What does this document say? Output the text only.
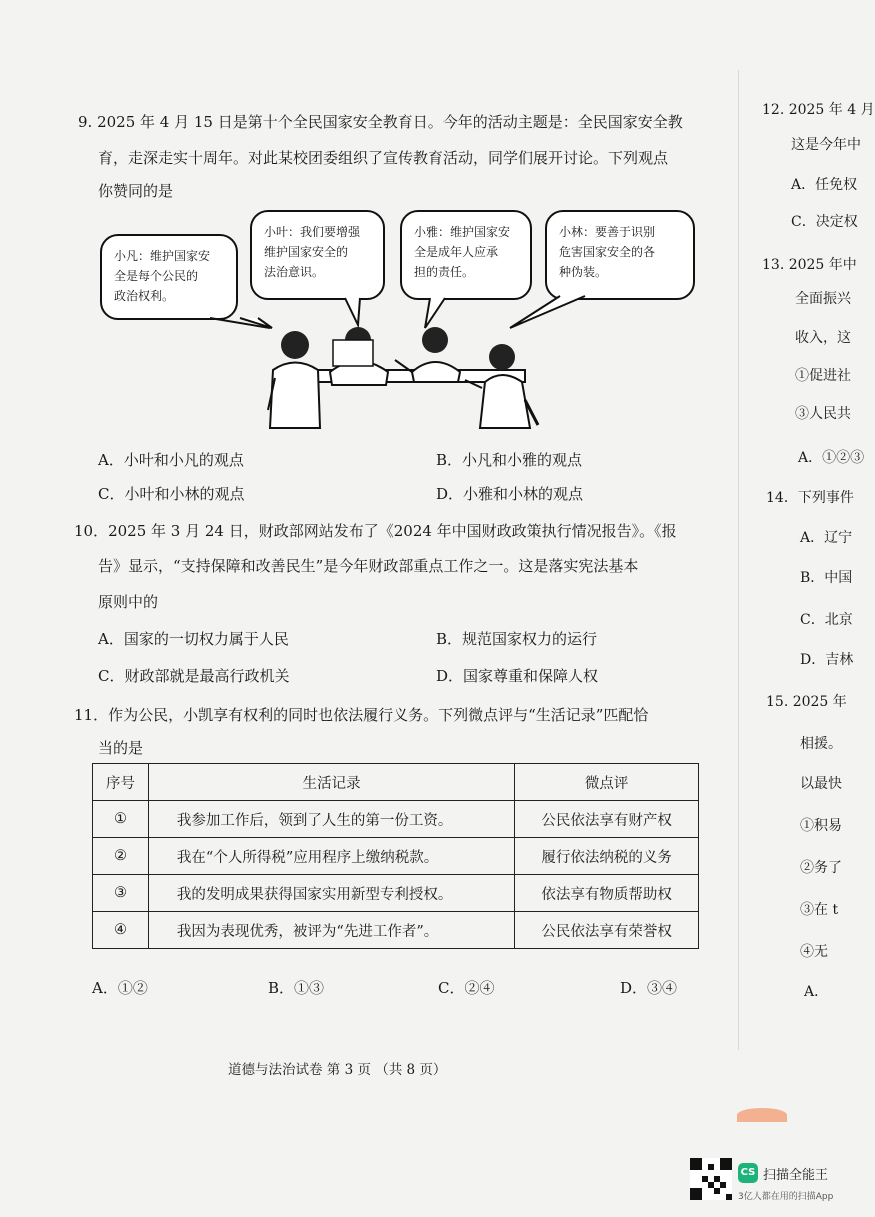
9. 2025 年 4 月 15 日是第十个全民国家安全教育日。今年的活动主题是：全民国家安全教
育，走深走实十周年。对此某校团委组织了宣传教育活动，同学们展开讨论。下列观点
你赞同的是
小凡：维护国家安
全是每个公民的
政治权利。
小叶：我们要增强
维护国家安全的
法治意识。
小雅：维护国家安
全是成年人应承
担的责任。
小林：要善于识别
危害国家安全的各
种伪装。
A．小叶和小凡的观点	B．小凡和小雅的观点
C．小叶和小林的观点	D．小雅和小林的观点
10．2025 年 3 月 24 日，财政部网站发布了《2024 年中国财政政策执行情况报告》。《报
告》显示，“支持保障和改善民生”是今年财政部重点工作之一。这是落实宪法基本
原则中的
A．国家的一切权力属于人民	B．规范国家权力的运行
C．财政部就是最高行政机关	D．国家尊重和保障人权
11．作为公民，小凯享有权利的同时也依法履行义务。下列微点评与“生活记录”匹配恰
当的是
序号	生活记录	微点评
①	我参加工作后，领到了人生的第一份工资。	公民依法享有财产权
②	我在“个人所得税”应用程序上缴纳税款。	履行依法纳税的义务
③	我的发明成果获得国家实用新型专利授权。	依法享有物质帮助权
④	我因为表现优秀，被评为“先进工作者”。	公民依法享有荣誉权
A．①②	B．①③	C．②④	D．③④
道德与法治试卷 第 3 页 （共 8 页）
12. 2025 年 4 月
这是今年中
A．任免权
C．决定权
13. 2025 年中
全面振兴
收入，这
①促进社
③人民共
A．①②③
14．下列事件
A．辽宁
B．中国
C．北京
D．吉林
15. 2025 年
相援。
以最快
①积易
②务了
③在 t
④无
A．
CS 扫描全能王
3亿人都在用的扫描App
